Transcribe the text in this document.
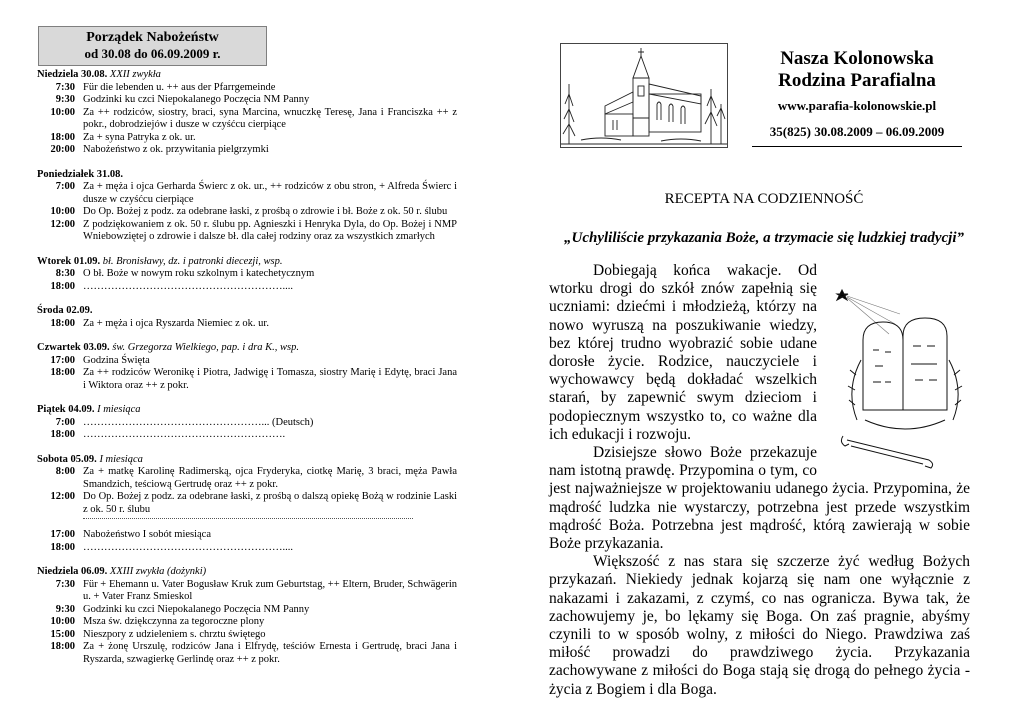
Porządek Nabożeństw
od 30.08 do 06.09.2009 r.
Niedziela 30.08. XXII zwykła
7:30 Für die lebenden u. ++ aus der Pfarrgemeinde
9:30 Godzinki ku czci Niepokalanego Poczęcia NM Panny
10:00 Za ++ rodziców, siostry, braci, syna Marcina, wnuczkę Teresę, Jana i Franciszka ++ z pokr., dobrodziejów i dusze w czyśćcu cierpiące
18:00 Za + syna Patryka z ok. ur.
20:00 Nabożeństwo z ok. przywitania pielgrzymki
Poniedziałek 31.08.
7:00 Za + męża i ojca Gerharda Świerc z ok. ur., ++ rodziców z obu stron, + Alfreda Świerc i dusze w czyśćcu cierpiące
10:00 Do Op. Bożej z podz. za odebrane łaski, z prośbą o zdrowie i bł. Boże z ok. 50 r. ślubu
12:00 Z podziękowaniem z ok. 50 r. ślubu pp. Agnieszki i Henryka Dyla, do Op. Bożej i NMP Wniebowziętej o zdrowie i dalsze bł. dla całej rodziny oraz za wszystkich zmarłych
Wtorek 01.09. bł. Bronisławy, dz. i patronki diecezji, wsp.
8:30 O bł. Boże w nowym roku szkolnym i katechetycznym
18:00 …………………………………………………....
Środa 02.09.
18:00 Za + męża i ojca Ryszarda Niemiec z ok. ur.
Czwartek 03.09. św. Grzegorza Wielkiego, pap. i dra K., wsp.
17:00 Godzina Święta
18:00 Za ++ rodziców Weronikę i Piotra, Jadwigę i Tomasza, siostry Marię i Edytę, braci Jana i Wiktora oraz ++ z pokr.
Piątek 04.09. I miesiąca
7:00 ……………………………………………... (Deutsch)
18:00 ………………………………………………….
Sobota 05.09. I miesiąca
8:00 Za + matkę Karolinę Radimerską, ojca Fryderyka, ciotkę Marię, 3 braci, męża Pawła Smandzich, teściową Gertrudę oraz ++ z pokr.
12:00 Do Op. Bożej z podz. za odebrane łaski, z prośbą o dalszą opiekę Bożą w rodzinie Laski z ok. 50 r. ślubu
17:00 Nabożeństwo I sobót miesiąca
18:00 …………………………………………………....
Niedziela 06.09. XXIII zwykła (dożynki)
7:30 Für + Ehemann u. Vater Bogusław Kruk zum Geburtstag, ++ Eltern, Bruder, Schwägerin u. + Vater Franz Smieskol
9:30 Godzinki ku czci Niepokalanego Poczęcia NM Panny
10:00 Msza św. dziękczynna za tegoroczne plony
15:00 Nieszpory z udzieleniem s. chrztu świętego
18:00 Za + żonę Urszulę, rodziców Jana i Elfrydę, teściów Ernesta i Gertrudę, braci Jana i Ryszarda, szwagierkę Gerlindę oraz ++ z pokr.
Nasza Kolonowska
Rodzina Parafialna
www.parafia-kolonowskie.pl
35(825) 30.08.2009 – 06.09.2009
RECEPTA NA CODZIENNOŚĆ
„Uchyliliście przykazania Boże, a trzymacie się ludzkiej tradycji”

Dobiegają końca wakacje. Od wtorku drogi do szkół znów zapełnią się uczniami: dziećmi i młodzieżą, którzy na nowo wyruszą na poszukiwanie wiedzy, bez której trudno wyobrazić sobie udane dorosłe życie. Rodzice, nauczyciele i wychowawcy będą dokładać wszelkich starań, by zapewnić swym dzieciom i podopiecznym wszystko to, co ważne dla ich edukacji i rozwoju.

Dzisiejsze słowo Boże przekazuje nam istotną prawdę. Przypomina o tym, co jest najważniejsze w projektowaniu udanego życia. Przypomina, że mądrość ludzka nie wystarczy, potrzebna jest przede wszystkim mądrość Boża. Potrzebna jest mądrość, którą zawierają w sobie Boże przykazania.

Większość z nas stara się szczerze żyć według Bożych przykazań. Niekiedy jednak kojarzą się nam one wyłącznie z nakazami i zakazami, z czymś, co nas ogranicza. Bywa tak, że zachowujemy je, bo lękamy się Boga. On zaś pragnie, abyśmy czynili to w sposób wolny, z miłości do Niego. Prawdziwa zaś miłość prowadzi do prawdziwego życia. Przykazania zachowywane z miłości do Boga stają się drogą do pełnego życia - życia z Bogiem i dla Boga.
